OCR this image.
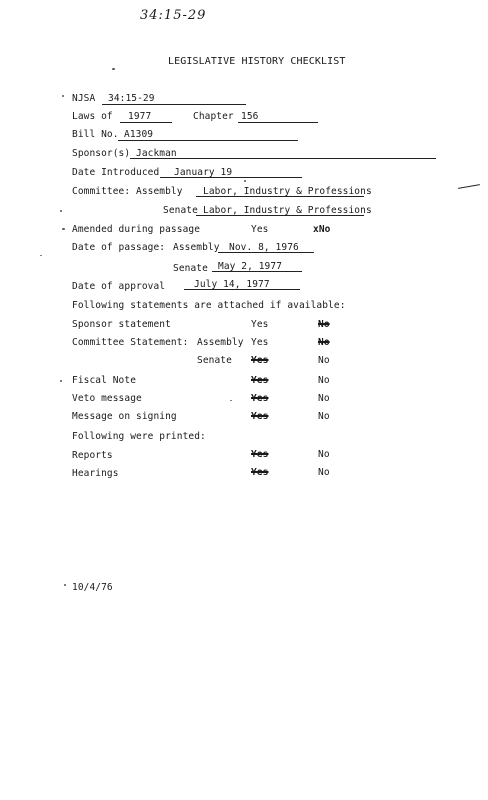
34:15-29
LEGISLATIVE HISTORY CHECKLIST
NJSA 34:15-29
Laws of 1977	Chapter 156
Bill No. A1309
Sponsor(s) Jackman
Date Introduced January 19
Committee: Assembly Labor, Industry & Professions
Senate Labor, Industry & Professions
Amended during passage	Yes	xNo
Date of passage: Assembly Nov. 8, 1976
Senate May 2, 1977
Date of approval	July 14, 1977
Following statements are attached if available:
Sponsor statement	Yes	No
Committee Statement: Assembly Yes	No
Senate Yes	No
Fiscal Note	Yes	No
Veto message	Yes	No
Message on signing	Yes	No
Following were printed:
Reports	Yes	No
Hearings	Yes	No
10/4/76
